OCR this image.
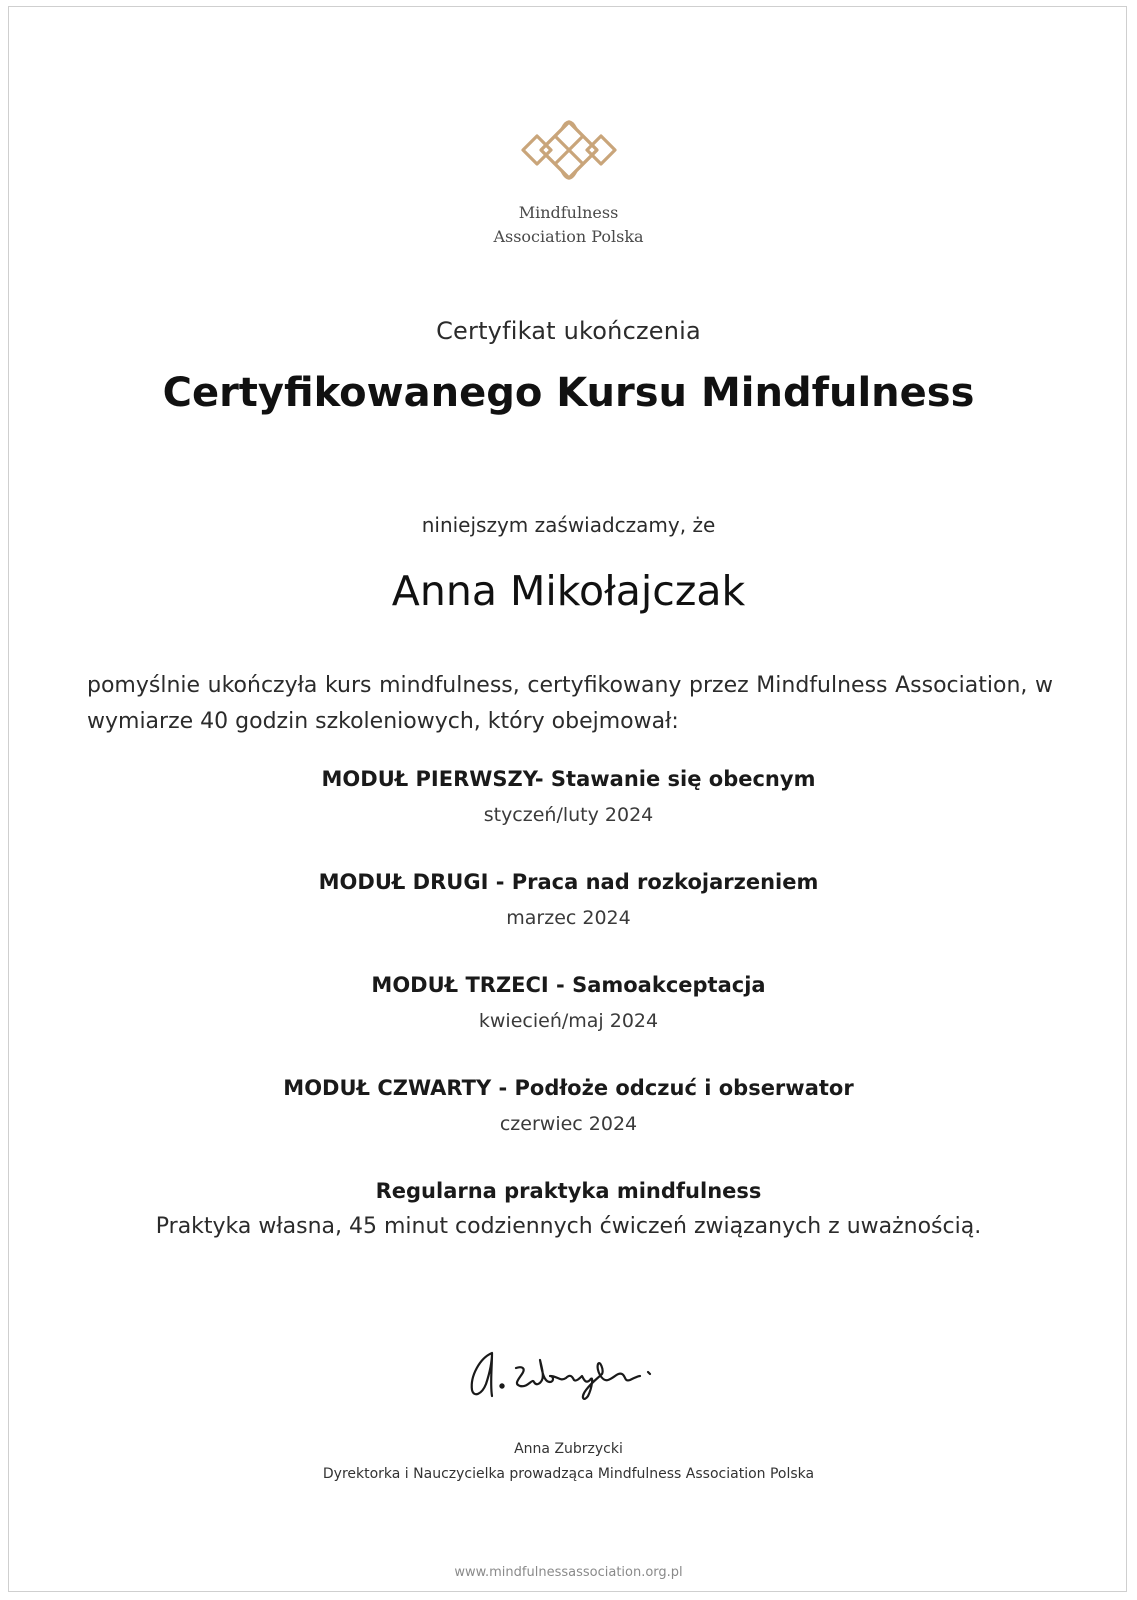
Mindfulness
Association Polska
Certyfikat ukończenia
Certyfikowanego Kursu Mindfulness
niniejszym zaświadczamy, że
Anna Mikołajczak

pomyślnie ukończyła kurs mindfulness, certyfikowany przez Mindfulness Association, w wymiarze 40 godzin szkoleniowych, który obejmował:

MODUŁ PIERWSZY- Stawanie się obecnym
styczeń/luty 2024
MODUŁ DRUGI - Praca nad rozkojarzeniem
marzec 2024
MODUŁ TRZECI - Samoakceptacja
kwiecień/maj 2024
MODUŁ CZWARTY - Podłoże odczuć i obserwator
czerwiec 2024
Regularna praktyka mindfulness
Praktyka własna, 45 minut codziennych ćwiczeń związanych z uważnością.
Anna Zubrzycki
Dyrektorka i Nauczycielka prowadząca Mindfulness Association Polska
www.mindfulnessassociation.org.pl
